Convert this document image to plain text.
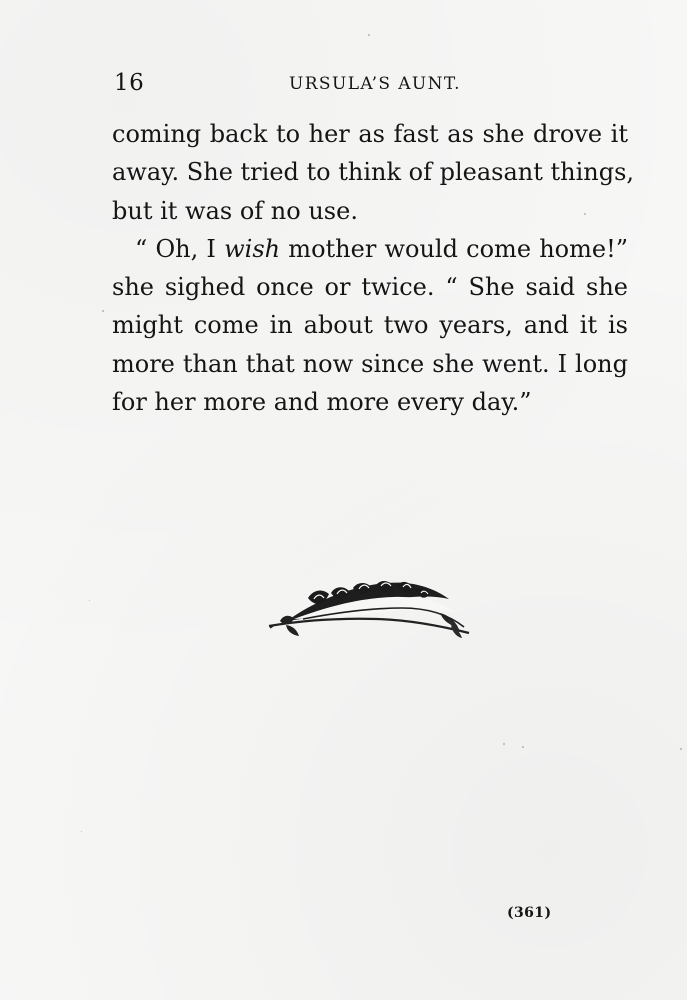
16	URSULA’S AUNT.
coming back to her as fast as she drove it
away. She tried to think of pleasant things,
but it was of no use.
“ Oh, I wish mother would come home!”
she sighed once or twice. “ She said she
might come in about two years, and it is
more than that now since she went. I long
for her more and more every day.”
(361)
